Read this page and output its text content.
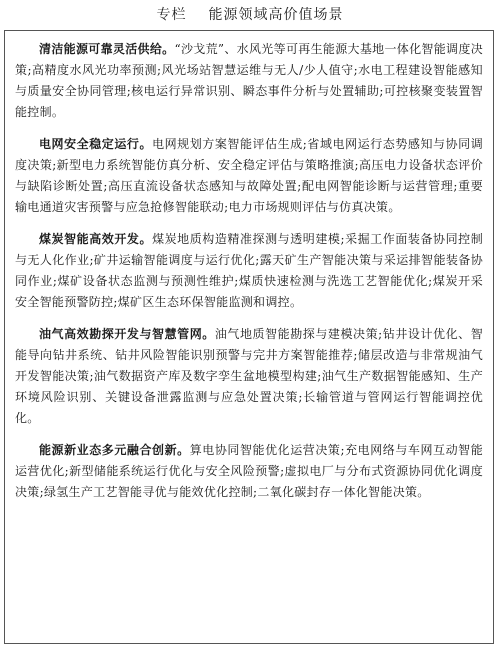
专栏 能源领域高价值场景

清洁能源可靠灵活供给。“沙戈荒”、水风光等可再生能源大基地一体化智能调度决策;高精度水风光功率预测;风光场站智慧运维与无人/少人值守;水电工程建设智能感知与质量安全协同管理;核电运行异常识别、瞬态事件分析与处置辅助;可控核聚变装置智能控制。

电网安全稳定运行。电网规划方案智能评估生成;省域电网运行态势感知与协同调度决策;新型电力系统智能仿真分析、安全稳定评估与策略推演;高压电力设备状态评价与缺陷诊断处置;高压直流设备状态感知与故障处置;配电网智能诊断与运营管理;重要输电通道灾害预警与应急抢修智能联动;电力市场规则评估与仿真决策。

煤炭智能高效开发。煤炭地质构造精准探测与透明建模;采掘工作面装备协同控制与无人化作业;矿井运输智能调度与运行优化;露天矿生产智能决策与采运排智能装备协同作业;煤矿设备状态监测与预测性维护;煤质快速检测与洗选工艺智能优化;煤炭开采安全智能预警防控;煤矿区生态环保智能监测和调控。

油气高效勘探开发与智慧管网。油气地质智能勘探与建模决策;钻井设计优化、智能导向钻井系统、钻井风险智能识别预警与完井方案智能推荐;储层改造与非常规油气开发智能决策;油气数据资产库及数字孪生盆地模型构建;油气生产数据智能感知、生产环境风险识别、关键设备泄露监测与应急处置决策;长输管道与管网运行智能调控优化。

能源新业态多元融合创新。算电协同智能优化运营决策;充电网络与车网互动智能运营优化;新型储能系统运行优化与安全风险预警;虚拟电厂与分布式资源协同优化调度决策;绿氢生产工艺智能寻优与能效优化控制;二氧化碳封存一体化智能决策。
